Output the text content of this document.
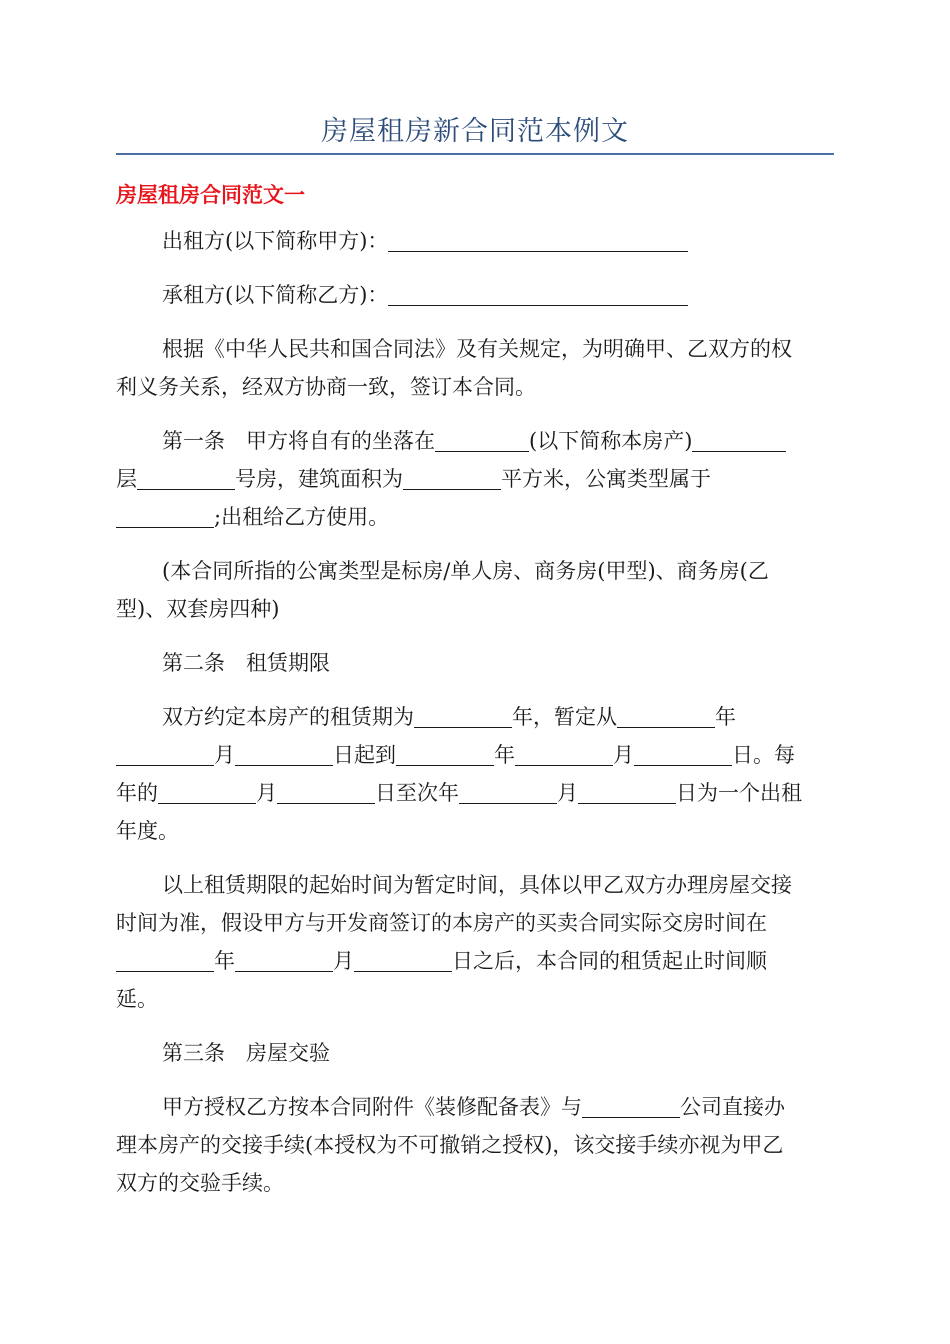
房屋租房新合同范本例文
房屋租房合同范文一
出租方(以下简称甲方)：
承租方(以下简称乙方)：
根据《中华人民共和国合同法》及有关规定，为明确甲、乙双方的权
利义务关系，经双方协商一致，签订本合同。
第一条　甲方将自有的坐落在	(以下简称本房产)
层	号房，建筑面积为	平方米，公寓类型属于
;出租给乙方使用。
(本合同所指的公寓类型是标房/单人房、商务房(甲型)、商务房(乙
型)、双套房四种)
第二条　租赁期限
双方约定本房产的租赁期为	年，暂定从	年
月	日起到	年	月	日。每
年的	月	日至次年	月	日为一个出租
年度。
以上租赁期限的起始时间为暂定时间，具体以甲乙双方办理房屋交接
时间为准，假设甲方与开发商签订的本房产的买卖合同实际交房时间在
年	月	日之后，本合同的租赁起止时间顺
延。
第三条　房屋交验
甲方授权乙方按本合同附件《装修配备表》与	公司直接办
理本房产的交接手续(本授权为不可撤销之授权)，该交接手续亦视为甲乙
双方的交验手续。
